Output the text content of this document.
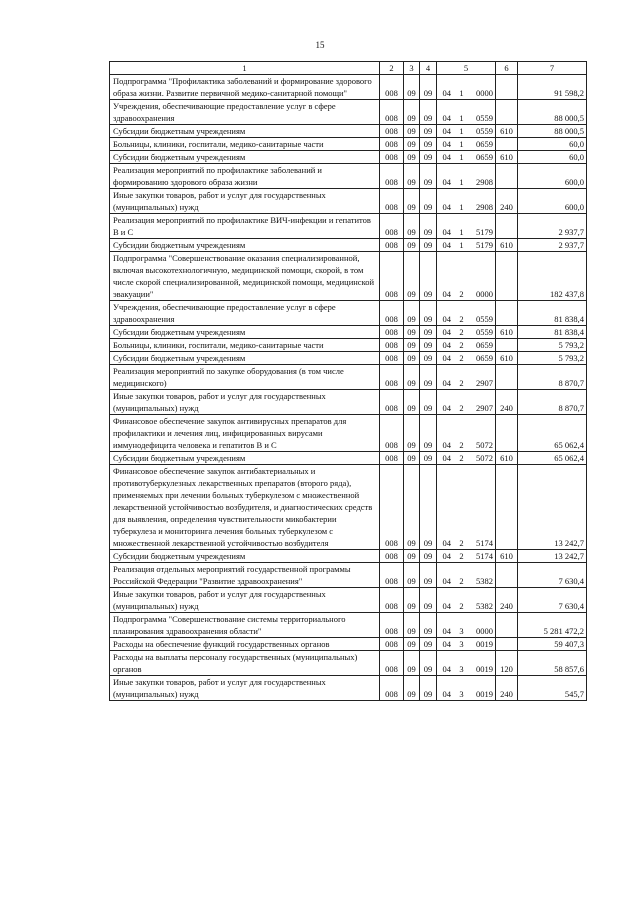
15
1	2	3	4	5			6	7
Подпрограмма "Профилактика заболеваний и формирование здорового образа жизни. Развитие первичной медико-санитарной помощи"	008	09	09	04	1	0000		91 598,2
Учреждения, обеспечивающие предоставление услуг в сфере здравоохранения	008	09	09	04	1	0559		88 000,5
Субсидии бюджетным учреждениям	008	09	09	04	1	0559	610	88 000,5
Больницы, клиники, госпитали, медико-санитарные части	008	09	09	04	1	0659		60,0
Субсидии бюджетным учреждениям	008	09	09	04	1	0659	610	60,0
Реализация мероприятий по профилактике заболеваний и формированию здорового образа жизни	008	09	09	04	1	2908		600,0
Иные закупки товаров, работ и услуг для государственных (муниципальных) нужд	008	09	09	04	1	2908	240	600,0
Реализация мероприятий по профилактике ВИЧ-инфекции и гепатитов В и С	008	09	09	04	1	5179		2 937,7
Субсидии бюджетным учреждениям	008	09	09	04	1	5179	610	2 937,7
Подпрограмма "Совершенствование оказания специализированной, включая высокотехнологичную, медицинской помощи, скорой, в том числе скорой специализированной, медицинской помощи, медицинской эвакуации"	008	09	09	04	2	0000		182 437,8
Учреждения, обеспечивающие предоставление услуг в сфере здравоохранения	008	09	09	04	2	0559		81 838,4
Субсидии бюджетным учреждениям	008	09	09	04	2	0559	610	81 838,4
Больницы, клиники, госпитали, медико-санитарные части	008	09	09	04	2	0659		5 793,2
Субсидии бюджетным учреждениям	008	09	09	04	2	0659	610	5 793,2
Реализация мероприятий по закупке оборудования (в том числе медицинского)	008	09	09	04	2	2907		8 870,7
Иные закупки товаров, работ и услуг для государственных (муниципальных) нужд	008	09	09	04	2	2907	240	8 870,7
Финансовое обеспечение закупок антивирусных препаратов для профилактики и лечения лиц, инфицированных вирусами иммунодефицита человека и гепатитов В и С	008	09	09	04	2	5072		65 062,4
Субсидии бюджетным учреждениям	008	09	09	04	2	5072	610	65 062,4
Финансовое обеспечение закупок антибактериальных и противотуберкулезных лекарственных препаратов (второго ряда), применяемых при лечении больных туберкулезом с множественной лекарственной устойчивостью возбудителя, и диагностических средств для выявления, определения чувствительности микобактерии туберкулеза и мониторинга лечения больных туберкулезом с множественной лекарственной устойчивостью возбудителя	008	09	09	04	2	5174		13 242,7
Субсидии бюджетным учреждениям	008	09	09	04	2	5174	610	13 242,7
Реализация отдельных мероприятий государственной программы Российской Федерации "Развитие здравоохранения"	008	09	09	04	2	5382		7 630,4
Иные закупки товаров, работ и услуг для государственных (муниципальных) нужд	008	09	09	04	2	5382	240	7 630,4
Подпрограмма "Совершенствование системы территориального планирования здравоохранения области"	008	09	09	04	3	0000		5 281 472,2
Расходы на обеспечение функций государственных органов	008	09	09	04	3	0019		59 407,3
Расходы на выплаты персоналу государственных (муниципальных) органов	008	09	09	04	3	0019	120	58 857,6
Иные закупки товаров, работ и услуг для государственных (муниципальных) нужд	008	09	09	04	3	0019	240	545,7
